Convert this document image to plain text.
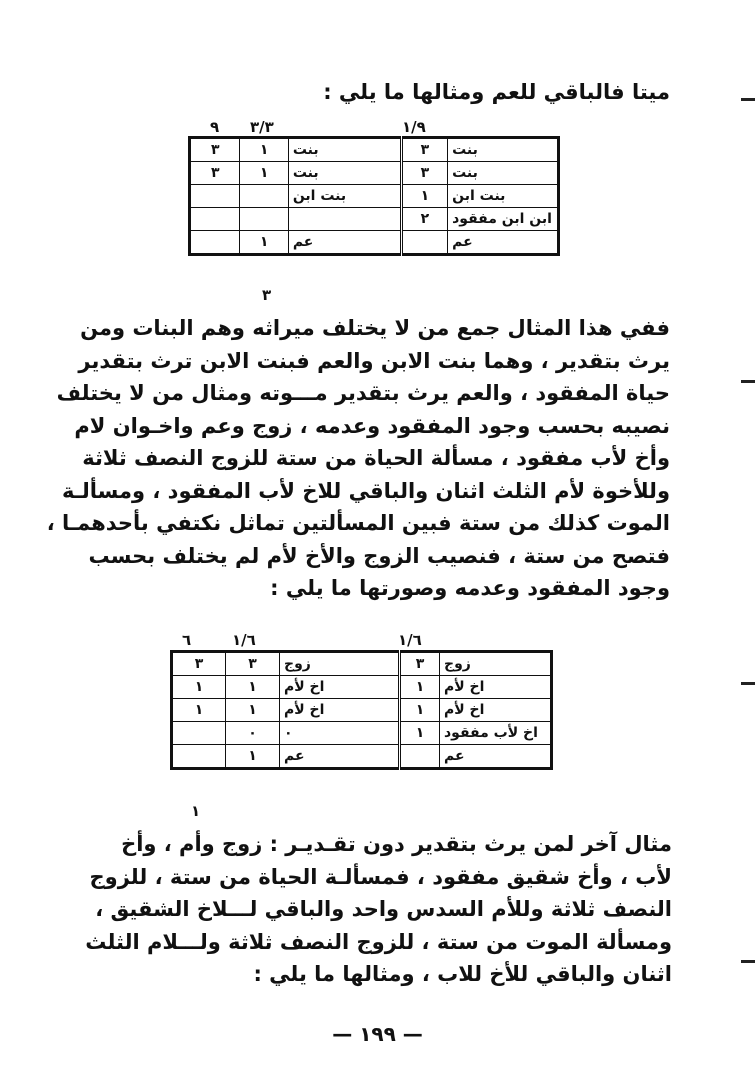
ميتا فالباقي للعم ومثالها ما يلي :
١/٩
٣/٣
٩
بنت	٣	بنت	١	٣
بنت	٣	بنت	١	٣
بنت ابن	١	بنت ابن		
ابن ابن مفقود	٢			
عم		عم	١	
٣
ففي هذا المثال جمع من لا يختلف ميراثه وهم البنات ومن
يرث بتقدير ، وهما بنت الابن والعم فبنت الابن ترث بتقدير
حياة المفقود ، والعم يرث بتقدير مـــوته ومثال من لا يختلف
نصيبه بحسب وجود المفقود وعدمه ، زوج وعم واخـوان لام
وأخ لأب مفقود ، مسألة الحياة من ستة للزوج النصف ثلاثة
وللأخوة لأم الثلث اثنان والباقي للاخ لأب المفقود ، ومسألـة
الموت كذلك من ستة فبين المسألتين تماثل نكتفي بأحدهمـا ،
فتصح من ستة ، فنصيب الزوج والأخ لأم لم يختلف بحسب
وجود المفقود وعدمه وصورتها ما يلي :
١/٦
١/٦
٦
زوج	٣	زوج	٣	٣
اخ لأم	١	اخ لأم	١	١
اخ لأم	١	اخ لأم	١	١
اخ لأب مفقود	١	٠	٠	
عم		عم	١	
١
مثال آخر لمن يرث بتقدير دون تقـديـر : زوج وأم ، وأخ
لأب ، وأخ شقيق مفقود ، فمسألـة الحياة من ستة ، للزوج
النصف ثلاثة وللأم السدس واحد والباقي لـــلاخ الشقيق ،
ومسألة الموت من ستة ، للزوج النصف ثلاثة ولـــلام الثلث
اثنان والباقي للأخ للاب ، ومثالها ما يلي :
— ١٩٩ —
